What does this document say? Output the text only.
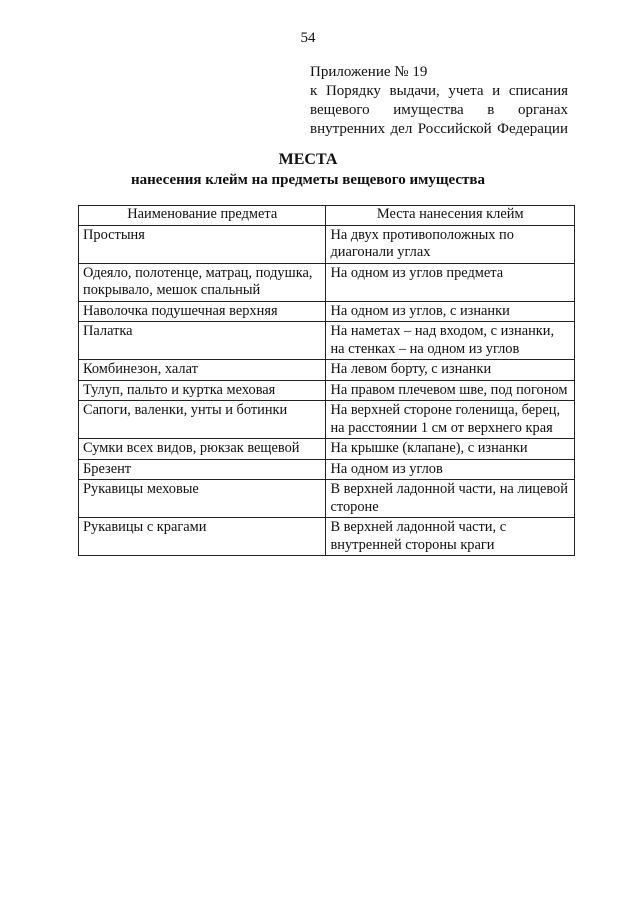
54
Приложение № 19
к Порядку выдачи, учета и списания
вещевого имущества в органах
внутренних дел Российской Федерации
МЕСТА
нанесения клейм на предметы вещевого имущества
Наименование предмета	Места нанесения клейм
Простыня	На двух противоположных по диагонали углах
Одеяло, полотенце, матрац, подушка, покрывало, мешок спальный	На одном из углов предмета
Наволочка подушечная верхняя	На одном из углов, с изнанки
Палатка	На наметах – над входом, с изнанки, на стенках – на одном из углов
Комбинезон, халат	На левом борту, с изнанки
Тулуп, пальто и куртка меховая	На правом плечевом шве, под погоном
Сапоги, валенки, унты и ботинки	На верхней стороне голенища, берец, на расстоянии 1 см от верхнего края
Сумки всех видов, рюкзак вещевой	На крышке (клапане), с изнанки
Брезент	На одном из углов
Рукавицы меховые	В верхней ладонной части, на лицевой стороне
Рукавицы с крагами	В верхней ладонной части, с внутренней стороны краги
